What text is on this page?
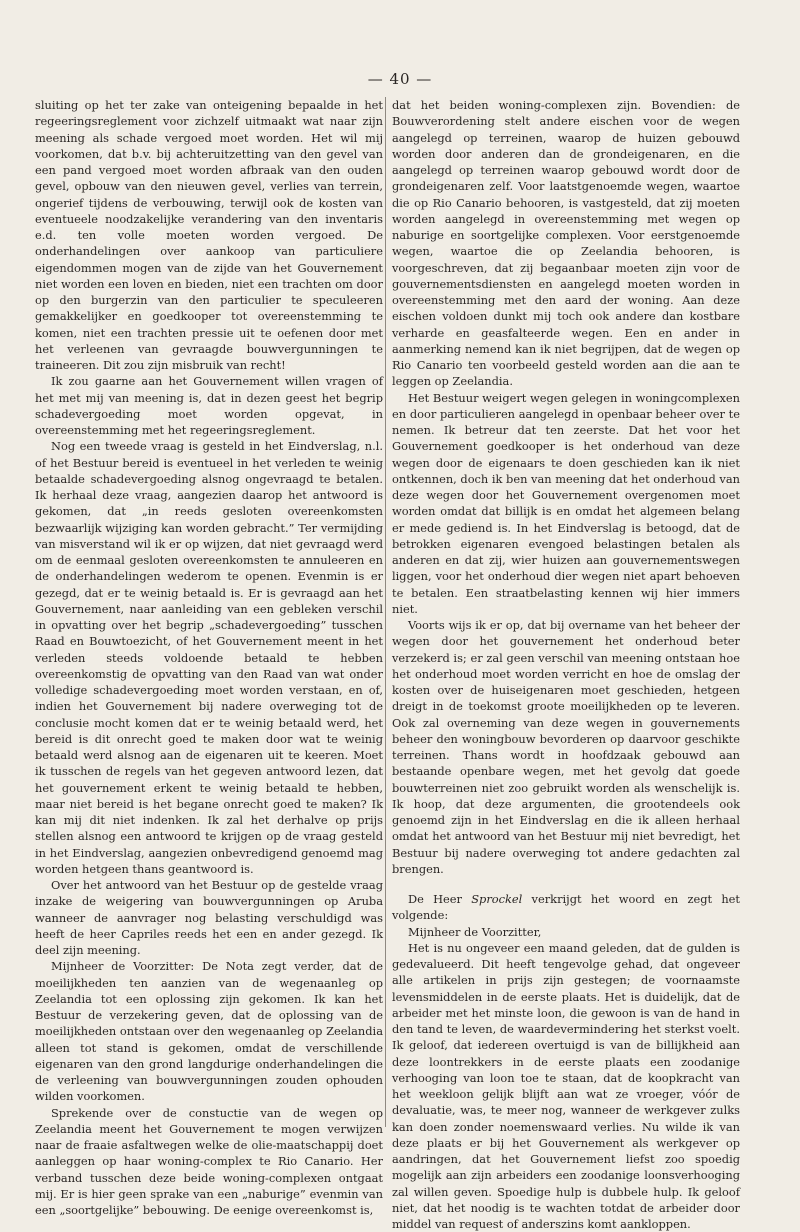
— 40 —

sluiting op het ter zake van onteigening bepaalde in het regeeringsreglement voor zichzelf uitmaakt wat naar zijn meening als schade vergoed moet worden. Het wil mij voorkomen, dat b.v. bij achteruitzetting van den gevel van een pand vergoed moet worden afbraak van den ouden gevel, opbouw van den nieuwen gevel, verlies van terrein, ongerief tijdens de verbouwing, terwijl ook de kosten van eventueele noodzakelijke verandering van den inventaris e.d. ten volle moeten worden vergoed. De onderhandelingen over aankoop van particuliere eigendommen mogen van de zijde van het Gouvernement niet worden een loven en bieden, niet een trachten om door op den burgerzin van den particulier te speculeeren gemakkelijker en goedkooper tot overeenstemming te komen, niet een trachten pressie uit te oefenen door met het verleenen van gevraagde bouwvergunningen te traineeren. Dit zou zijn misbruik van recht!

Ik zou gaarne aan het Gouvernement willen vragen of het met mij van meening is, dat in dezen geest het begrip schadevergoeding moet worden opgevat, in overeenstemming met het regeeringsreglement.

Nog een tweede vraag is gesteld in het Eindverslag, n.l. of het Bestuur bereid is eventueel in het verleden te weinig betaalde schadevergoeding alsnog ongevraagd te betalen. Ik herhaal deze vraag, aangezien daarop het antwoord is gekomen, dat „in reeds gesloten overeenkomsten bezwaarlijk wijziging kan worden gebracht.” Ter vermijding van misverstand wil ik er op wijzen, dat niet gevraagd werd om de eenmaal gesloten overeenkomsten te annuleeren en de onderhandelingen wederom te openen. Evenmin is er gezegd, dat er te weinig betaald is. Er is gevraagd aan het Gouvernement, naar aanleiding van een gebleken verschil in opvatting over het begrip „schadevergoeding” tusschen Raad en Bouwtoezicht, of het Gouvernement meent in het verleden steeds voldoende betaald te hebben overeenkomstig de opvatting van den Raad van wat onder volledige schadevergoeding moet worden verstaan, en of, indien het Gouvernement bij nadere overweging tot de conclusie mocht komen dat er te weinig betaald werd, het bereid is dit onrecht goed te maken door wat te weinig betaald werd alsnog aan de eigenaren uit te keeren. Moet ik tusschen de regels van het gegeven antwoord lezen, dat het gouvernement erkent te weinig betaald te hebben, maar niet bereid is het begane onrecht goed te maken? Ik kan mij dit niet indenken. Ik zal het derhalve op prijs stellen alsnog een antwoord te krijgen op de vraag gesteld in het Eindverslag, aangezien onbevredigend genoemd mag worden hetgeen thans geantwoord is.

Over het antwoord van het Bestuur op de gestelde vraag inzake de weigering van bouwvergunningen op Aruba wanneer de aanvrager nog belasting verschuldigd was heeft de heer Capriles reeds het een en ander gezegd. Ik deel zijn meening.

Mijnheer de Voorzitter: De Nota zegt verder, dat de moeilijkheden ten aanzien van de wegenaanleg op Zeelandia tot een oplossing zijn gekomen. Ik kan het Bestuur de verzekering geven, dat de oplossing van de moeilijkheden ontstaan over den wegenaanleg op Zeelandia alleen tot stand is gekomen, omdat de verschillende eigenaren van den grond langdurige onderhandelingen die de verleening van bouwvergunningen zouden ophouden wilden voorkomen.

Sprekende over de constuctie van de wegen op Zeelandia meent het Gouvernement te mogen verwijzen naar de fraaie asfaltwegen welke de olie-maatschappij doet aanleggen op haar woning-complex te Rio Canario. Her verband tusschen deze beide woning-complexen ontgaat mij. Er is hier geen sprake van een „naburige” evenmin van een „soortgelijke” bebouwing. De eenige overeenkomst is,

dat het beiden woning-complexen zijn. Bovendien: de Bouwverordening stelt andere eischen voor de wegen aangelegd op terreinen, waarop de huizen gebouwd worden door anderen dan de grondeigenaren, en die aangelegd op terreinen waarop gebouwd wordt door de grondeigenaren zelf. Voor laatstgenoemde wegen, waartoe die op Rio Canario behooren, is vastgesteld, dat zij moeten worden aangelegd in overeenstemming met wegen op naburige en soortgelijke complexen. Voor eerstgenoemde wegen, waartoe die op Zeelandia behooren, is voorgeschreven, dat zij begaanbaar moeten zijn voor de gouvernementsdiensten en aangelegd moeten worden in overeenstemming met den aard der woning. Aan deze eischen voldoen dunkt mij toch ook andere dan kostbare verharde en geasfalteerde wegen. Een en ander in aanmerking nemend kan ik niet begrijpen, dat de wegen op Rio Canario ten voorbeeld gesteld worden aan die aan te leggen op Zeelandia.

Het Bestuur weigert wegen gelegen in woningcomplexen en door particulieren aangelegd in openbaar beheer over te nemen. Ik betreur dat ten zeerste. Dat het voor het Gouvernement goedkooper is het onderhoud van deze wegen door de eigenaars te doen geschieden kan ik niet ontkennen, doch ik ben van meening dat het onderhoud van deze wegen door het Gouvernement overgenomen moet worden omdat dat billijk is en omdat het algemeen belang er mede gediend is. In het Eindverslag is betoogd, dat de betrokken eigenaren evengoed belastingen betalen als anderen en dat zij, wier huizen aan gouvernementswegen liggen, voor het onderhoud dier wegen niet apart behoeven te betalen. Een straatbelasting kennen wij hier immers niet.

Voorts wijs ik er op, dat bij overname van het beheer der wegen door het gouvernement het onderhoud beter verzekerd is; er zal geen verschil van meening ontstaan hoe het onderhoud moet worden verricht en hoe de omslag der kosten over de huiseigenaren moet geschieden, hetgeen dreigt in de toekomst groote moeilijkheden op te leveren. Ook zal overneming van deze wegen in gouvernements beheer den woningbouw bevorderen op daarvoor geschikte terreinen. Thans wordt in hoofdzaak gebouwd aan bestaande openbare wegen, met het gevolg dat goede bouwterreinen niet zoo gebruikt worden als wenschelijk is. Ik hoop, dat deze argumenten, die grootendeels ook genoemd zijn in het Eindverslag en die ik alleen herhaal omdat het antwoord van het Bestuur mij niet bevredigt, het Bestuur bij nadere overweging tot andere gedachten zal brengen.

De Heer Sprockel verkrijgt het woord en zegt het volgende:

Mijnheer de Voorzitter,

Het is nu ongeveer een maand geleden, dat de gulden is gedevalueerd. Dit heeft tengevolge gehad, dat ongeveer alle artikelen in prijs zijn gestegen; de voornaamste levensmiddelen in de eerste plaats. Het is duidelijk, dat de arbeider met het minste loon, die gewoon is van de hand in den tand te leven, de waardevermindering het sterkst voelt. Ik geloof, dat iedereen overtuigd is van de billijkheid aan deze loontrekkers in de eerste plaats een zoodanige verhooging van loon toe te staan, dat de koopkracht van het weekloon gelijk blijft aan wat ze vroeger, vóór de devaluatie, was, te meer nog, wanneer de werkgever zulks kan doen zonder noemenswaard verlies. Nu wilde ik van deze plaats er bij het Gouvernement als werkgever op aandringen, dat het Gouvernement liefst zoo spoedig mogelijk aan zijn arbeiders een zoodanige loonsverhooging zal willen geven. Spoedige hulp is dubbele hulp. Ik geloof niet, dat het noodig is te wachten totdat de arbeider door middel van request of anderszins komt aankloppen.
